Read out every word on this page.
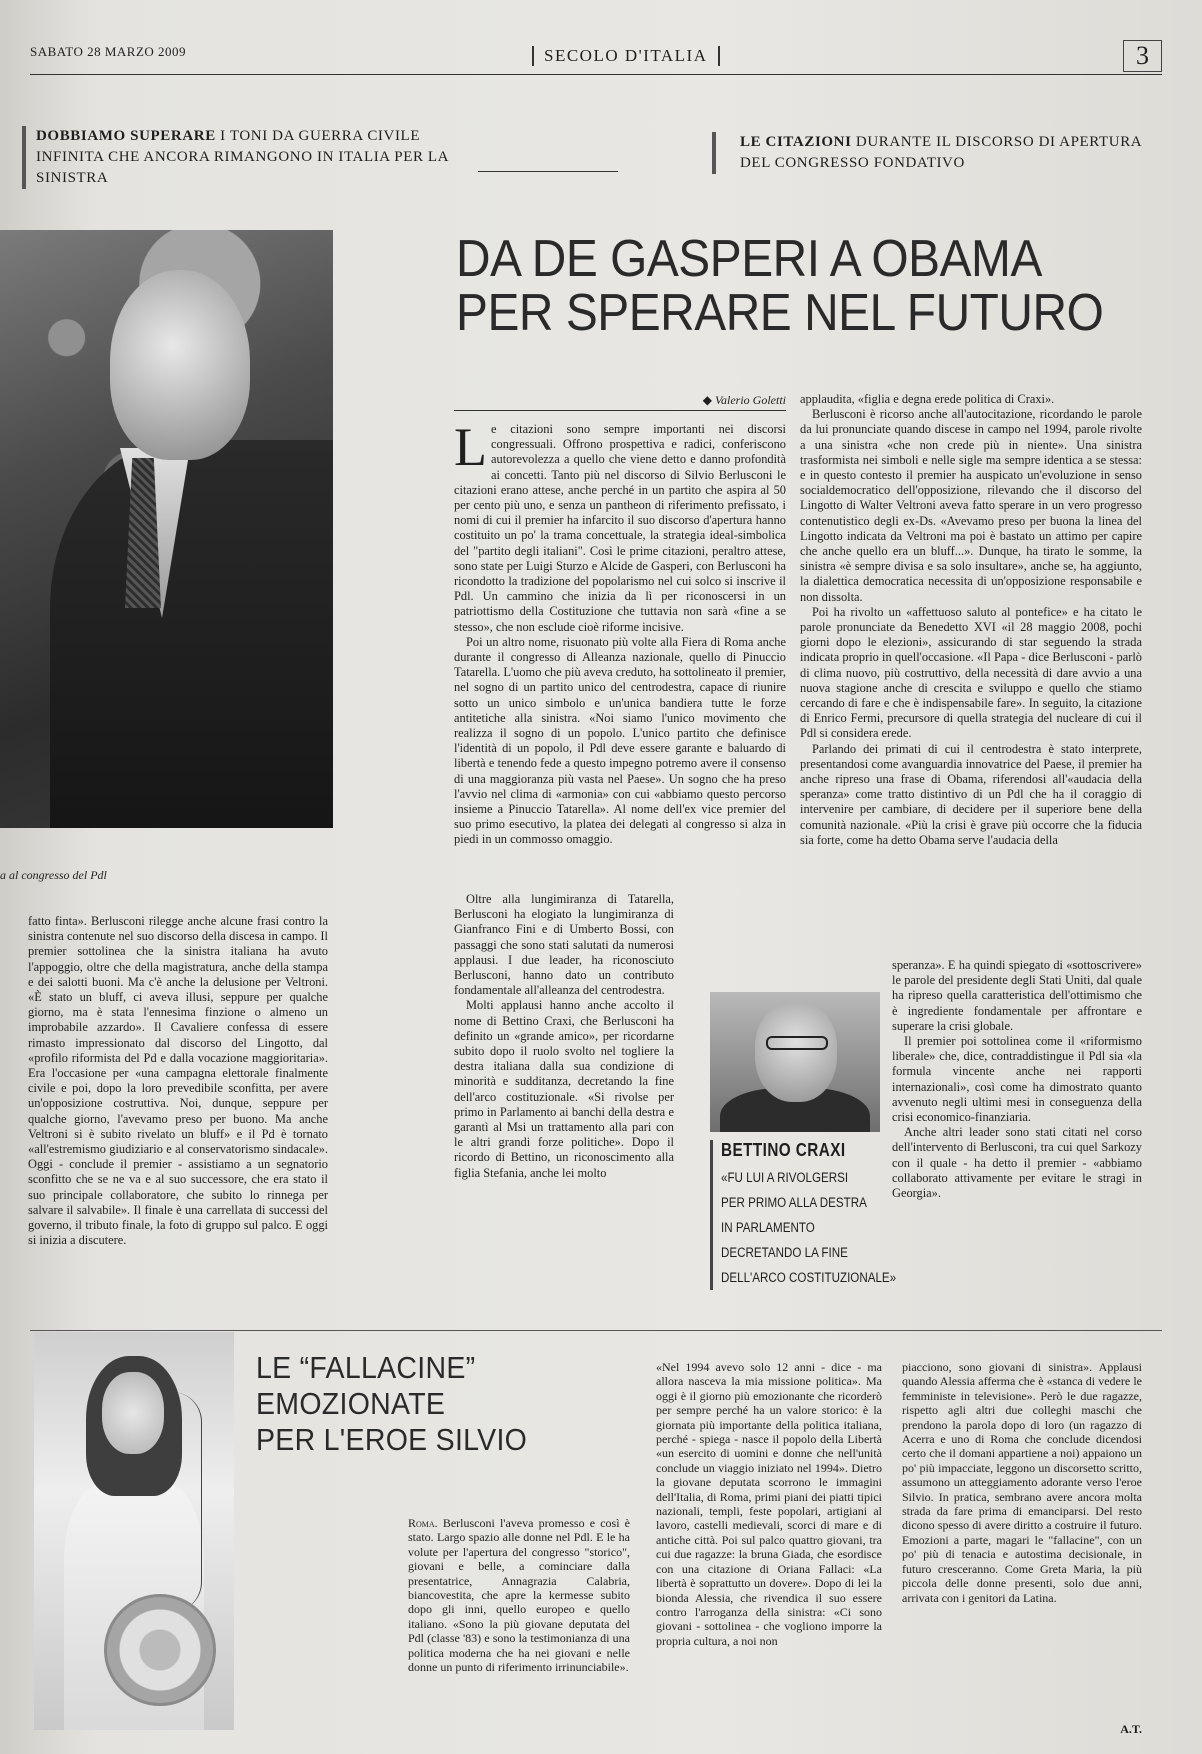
SABATO 28 MARZO 2009	SECOLO D'ITALIA	3
DOBBIAMO SUPERARE I TONI DA GUERRA CIVILE INFINITA CHE ANCORA RIMANGONO IN ITALIA PER LA SINISTRA
LE CITAZIONI DURANTE IL DISCORSO DI APERTURA DEL CONGRESSO FONDATIVO
a al congresso del Pdl
DA DE GASPERI A OBAMA
PER SPERARE NEL FUTURO
◆ Valerio Goletti

Le citazioni sono sempre importanti nei discorsi congressuali. Offrono prospettiva e radici, conferiscono autorevolezza a quello che viene detto e danno profondità ai concetti. Tanto più nel discorso di Silvio Berlusconi le citazioni erano attese, anche perché in un partito che aspira al 50 per cento più uno, e senza un pantheon di riferimento prefissato, i nomi di cui il premier ha infarcito il suo discorso d'apertura hanno costituito un po' la trama concettuale, la strategia ideal-simbolica del "partito degli italiani". Così le prime citazioni, peraltro attese, sono state per Luigi Sturzo e Alcide de Gasperi, con Berlusconi ha ricondotto la tradizione del popolarismo nel cui solco si inscrive il Pdl. Un cammino che inizia da lì per riconoscersi in un patriottismo della Costituzione che tuttavia non sarà «fine a se stesso», che non esclude cioè riforme incisive.

Poi un altro nome, risuonato più volte alla Fiera di Roma anche durante il congresso di Alleanza nazionale, quello di Pinuccio Tatarella. L'uomo che più aveva creduto, ha sottolineato il premier, nel sogno di un partito unico del centrodestra, capace di riunire sotto un unico simbolo e un'unica bandiera tutte le forze antitetiche alla sinistra. «Noi siamo l'unico movimento che realizza il sogno di un popolo. L'unico partito che definisce l'identità di un popolo, il Pdl deve essere garante e baluardo di libertà e tenendo fede a questo impegno potremo avere il consenso di una maggioranza più vasta nel Paese». Un sogno che ha preso l'avvio nel clima di «armonia» con cui «abbiamo questo percorso insieme a Pinuccio Tatarella». Al nome dell'ex vice premier del suo primo esecutivo, la platea dei delegati al congresso si alza in piedi in un commosso omaggio.

Oltre alla lungimiranza di Tatarella, Berlusconi ha elogiato la lungimiranza di Gianfranco Fini e di Umberto Bossi, con passaggi che sono stati salutati da numerosi applausi. I due leader, ha riconosciuto Berlusconi, hanno dato un contributo fondamentale all'alleanza del centrodestra.

Molti applausi hanno anche accolto il nome di Bettino Craxi, che Berlusconi ha definito un «grande amico», per ricordarne subito dopo il ruolo svolto nel togliere la destra italiana dalla sua condizione di minorità e sudditanza, decretando la fine dell'arco costituzionale. «Si rivolse per primo in Parlamento ai banchi della destra e garantì al Msi un trattamento alla pari con le altri grandi forze politiche». Dopo il ricordo di Bettino, un riconoscimento alla figlia Stefania, anche lei molto

applaudita, «figlia e degna erede politica di Craxi».

Berlusconi è ricorso anche all'autocitazione, ricordando le parole da lui pronunciate quando discese in campo nel 1994, parole rivolte a una sinistra «che non crede più in niente». Una sinistra trasformista nei simboli e nelle sigle ma sempre identica a se stessa: e in questo contesto il premier ha auspicato un'evoluzione in senso socialdemocratico dell'opposizione, rilevando che il discorso del Lingotto di Walter Veltroni aveva fatto sperare in un vero progresso contenutistico degli ex-Ds. «Avevamo preso per buona la linea del Lingotto indicata da Veltroni ma poi è bastato un attimo per capire che anche quello era un bluff...». Dunque, ha tirato le somme, la sinistra «è sempre divisa e sa solo insultare», anche se, ha aggiunto, la dialettica democratica necessita di un'opposizione responsabile e non dissolta.

Poi ha rivolto un «affettuoso saluto al pontefice» e ha citato le parole pronunciate da Benedetto XVI «il 28 maggio 2008, pochi giorni dopo le elezioni», assicurando di star seguendo la strada indicata proprio in quell'occasione. «Il Papa - dice Berlusconi - parlò di clima nuovo, più costruttivo, della necessità di dare avvio a una nuova stagione anche di crescita e sviluppo e quello che stiamo cercando di fare e che è indispensabile fare». In seguito, la citazione di Enrico Fermi, precursore di quella strategia del nucleare di cui il Pdl si considera erede.

Parlando dei primati di cui il centrodestra è stato interprete, presentandosi come avanguardia innovatrice del Paese, il premier ha anche ripreso una frase di Obama, riferendosi all'«audacia della speranza» come tratto distintivo di un Pdl che ha il coraggio di intervenire per cambiare, di decidere per il superiore bene della comunità nazionale. «Più la crisi è grave più occorre che la fiducia sia forte, come ha detto Obama serve l'audacia della

speranza». E ha quindi spiegato di «sottoscrivere» le parole del presidente degli Stati Uniti, dal quale ha ripreso quella caratteristica dell'ottimismo che è ingrediente fondamentale per affrontare e superare la crisi globale.

Il premier poi sottolinea come il «riformismo liberale» che, dice, contraddistingue il Pdl sia «la formula vincente anche nei rapporti internazionali», così come ha dimostrato quanto avvenuto negli ultimi mesi in conseguenza della crisi economico-finanziaria.

Anche altri leader sono stati citati nel corso dell'intervento di Berlusconi, tra cui quel Sarkozy con il quale - ha detto il premier - «abbiamo collaborato attivamente per evitare le stragi in Georgia».

fatto finta». Berlusconi rilegge anche alcune frasi contro la sinistra contenute nel suo discorso della discesa in campo. Il premier sottolinea che la sinistra italiana ha avuto l'appoggio, oltre che della magistratura, anche della stampa e dei salotti buoni. Ma c'è anche la delusione per Veltroni. «È stato un bluff, ci aveva illusi, seppure per qualche giorno, ma è stata l'ennesima finzione o almeno un improbabile azzardo». Il Cavaliere confessa di essere rimasto impressionato dal discorso del Lingotto, dal «profilo riformista del Pd e dalla vocazione maggioritaria». Era l'occasione per «una campagna elettorale finalmente civile e poi, dopo la loro prevedibile sconfitta, per avere un'opposizione costruttiva. Noi, dunque, seppure per qualche giorno, l'avevamo preso per buono. Ma anche Veltroni si è subito rivelato un bluff» e il Pd è tornato «all'estremismo giudiziario e al conservatorismo sindacale». Oggi - conclude il premier - assistiamo a un segnatorio sconfitto che se ne va e al suo successore, che era stato il suo principale collaboratore, che subito lo rinnega per salvare il salvabile». Il finale è una carrellata di successi del governo, il tributo finale, la foto di gruppo sul palco. E oggi si inizia a discutere.

BETTINO CRAXI
«FU LUI A RIVOLGERSI
PER PRIMO ALLA DESTRA
IN PARLAMENTO
DECRETANDO LA FINE
DELL'ARCO COSTITUZIONALE»
LE “FALLACINE”
EMOZIONATE
PER L'EROE SILVIO

Roma. Berlusconi l'aveva promesso e così è stato. Largo spazio alle donne nel Pdl. E le ha volute per l'apertura del congresso "storico", giovani e belle, a cominciare dalla presentatrice, Annagrazia Calabria, biancovestita, che apre la kermesse subito dopo gli inni, quello europeo e quello italiano. «Sono la più giovane deputata del Pdl (classe '83) e sono la testimonianza di una politica moderna che ha nei giovani e nelle donne un punto di riferimento irrinunciabile».

«Nel 1994 avevo solo 12 anni - dice - ma allora nasceva la mia missione politica». Ma oggi è il giorno più emozionante che ricorderò per sempre perché ha un valore storico: è la giornata più importante della politica italiana, perché - spiega - nasce il popolo della Libertà «un esercito di uomini e donne che nell'unità conclude un viaggio iniziato nel 1994». Dietro la giovane deputata scorrono le immagini dell'Italia, di Roma, primi piani dei piatti tipici nazionali, templi, feste popolari, artigiani al lavoro, castelli medievali, scorci di mare e di antiche città. Poi sul palco quattro giovani, tra cui due ragazze: la bruna Giada, che esordisce con una citazione di Oriana Fallaci: «La libertà è soprattutto un dovere». Dopo di lei la bionda Alessia, che rivendica il suo essere contro l'arroganza della sinistra: «Ci sono giovani - sottolinea - che vogliono imporre la propria cultura, a noi non

piacciono, sono giovani di sinistra». Applausi quando Alessia afferma che è «stanca di vedere le femministe in televisione». Però le due ragazze, rispetto agli altri due colleghi maschi che prendono la parola dopo di loro (un ragazzo di Acerra e uno di Roma che conclude dicendosi certo che il domani appartiene a noi) appaiono un po' più impacciate, leggono un discorsetto scritto, assumono un atteggiamento adorante verso l'eroe Silvio. In pratica, sembrano avere ancora molta strada da fare prima di emanciparsi. Del resto dicono spesso di avere diritto a costruire il futuro. Emozioni a parte, magari le "fallacine", con un po' più di tenacia e autostima decisionale, in futuro cresceranno. Come Greta Maria, la più piccola delle donne presenti, solo due anni, arrivata con i genitori da Latina.

A.T.
